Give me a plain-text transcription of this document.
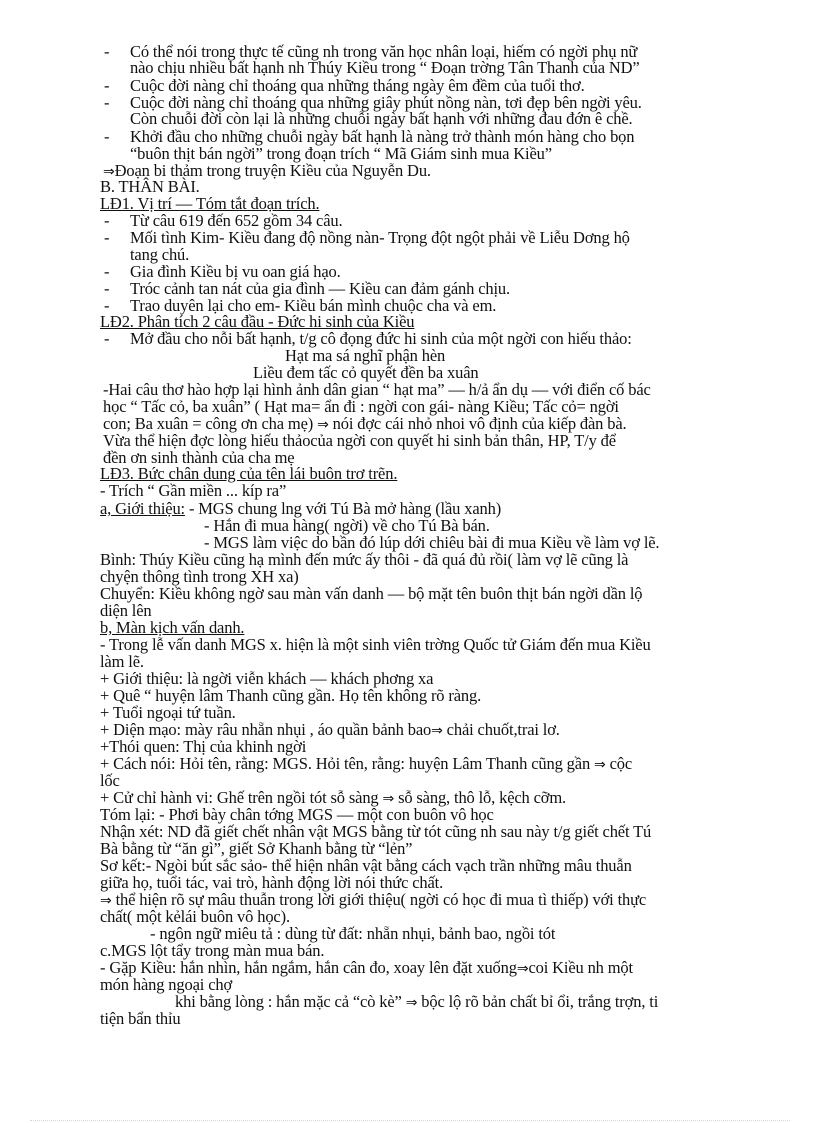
- Có thể nói trong thực tế cũng nh trong văn học nhân loại, hiếm có ngời phụ nữ
nào chịu nhiều bất hạnh nh Thúy Kiều trong “ Đoạn trờng Tân Thanh của ND”
- Cuộc đời nàng chỉ thoáng qua những tháng ngày êm đềm của tuổi thơ.
- Cuộc đời nàng chỉ thoáng qua những giây phút nồng nàn, tơi đẹp bên ngời yêu.
Còn chuỗi đời còn lại là những chuỗi ngày bất hạnh với những đau đớn ê chề.
- Khởi đầu cho những chuỗi ngày bất hạnh là nàng trở thành món hàng cho bọn
“buôn thịt bán ngời” trong đoạn trích “ Mã Giám sinh mua Kiều”
⇒Đoạn bi thảm trong truyện Kiều của Nguyễn Du.
B. THÂN BÀI.
LĐ1. Vị trí — Tóm tắt đoạn trích.
- Từ câu 619 đến 652 gồm 34 câu.
- Mối tình Kim- Kiều đang độ nồng nàn- Trọng đột ngột phải về Liễu Dơng hộ
tang chú.
- Gia đình Kiều bị vu oan giá hạo.
- Tróc cảnh tan nát của gia đình — Kiều can đảm gánh chịu.
- Trao duyên lại cho em- Kiều bán mình chuộc cha và em.
LĐ2. Phân tích 2 câu đầu - Đức hi sinh của Kiều
- Mở đầu cho nỗi bất hạnh, t/g cô đọng đức hi sinh của một ngời con hiếu thảo:
Hạt ma sá nghĩ phận hèn
Liều đem tấc cỏ quyết đền ba xuân
-Hai câu thơ hào hợp lại hình ảnh dân gian “ hạt ma” — h/ả ẩn dụ — với điển cố bác
học “ Tấc cỏ, ba xuân” ( Hạt ma= ẩn đi : ngời con gái- nàng Kiều; Tấc cỏ= ngời
con; Ba xuân = công ơn cha mẹ) ⇒ nói đợc cái nhỏ nhoi vô định của kiếp đàn bà.
Vừa thể hiện đợc lòng hiếu thảocủa ngời con quyết hi sinh bản thân, HP, T/y để
đền ơn sinh thành của cha mẹ
LĐ3. Bức chân dung của tên lái buôn trơ trẽn.
- Trích “ Gần miền ... kíp ra”
a, Giới thiệu: - MGS chung lng với Tú Bà mở hàng (lầu xanh)
- Hắn đi mua hàng( ngời) về cho Tú Bà bán.
- MGS làm việc do bần đó lúp dới chiêu bài đi mua Kiều về làm vợ lẽ.
Bình: Thúy Kiều cũng hạ mình đến mức ấy thôi - đã quá đủ rồi( làm vợ lẽ cũng là
chyện thông tình trong XH xa)
Chuyển: Kiều không ngờ sau màn vấn danh — bộ mặt tên buôn thịt bán ngời dần lộ
diện lên
b, Màn kịch vấn danh.
- Trong lễ vấn danh MGS x. hiện là một sinh viên trờng Quốc tử Giám đến mua Kiều
làm lẽ.
+ Giới thiệu: là ngời viễn khách — khách phơng xa
+ Quê “ huyện lâm Thanh cũng gần. Họ tên không rõ ràng.
+ Tuổi ngoại tứ tuần.
+ Diện mạo: mày râu nhẵn nhụi , áo quần bảnh bao⇒ chải chuốt,trai lơ.
+Thói quen: Thị của khinh ngời
+ Cách nói: Hỏi tên, rằng: MGS. Hỏi tên, rằng: huyện Lâm Thanh cũng gần ⇒ cộc
lốc
+ Cử chỉ hành vi: Ghế trên ngồi tót sỗ sàng ⇒ sỗ sàng, thô lỗ, kệch cỡm.
Tóm lại: - Phơi bày chân tớng MGS — một con buôn vô học
Nhận xét: ND đã giết chết nhân vật MGS bằng từ tót cũng nh sau này t/g giết chết Tú
Bà bằng từ “ăn gì”, giết Sở Khanh bằng từ “lẻn”
Sơ kết:- Ngòi bút sắc sảo- thể hiện nhân vật bằng cách vạch trần những mâu thuẫn
giữa họ, tuổi tác, vai trò, hành động lời nói thức chất.
⇒ thể hiện rõ sự mâu thuẫn trong lời giới thiệu( ngời có học đi mua tì thiếp) với thực
chất( một kẻlái buôn vô học).
- ngôn ngữ miêu tả : dùng từ đất: nhẵn nhụi, bảnh bao, ngồi tót
c.MGS lột tẩy trong màn mua bán.
- Gặp Kiều: hắn nhìn, hắn ngắm, hắn cân đo, xoay lên đặt xuống⇒coi Kiều nh một
món hàng ngoại chợ
khi bằng lòng : hắn mặc cả “cò kè” ⇒ bộc lộ rõ bản chất bỉ ổi, trắng trợn, ti
tiện bẩn thỉu
